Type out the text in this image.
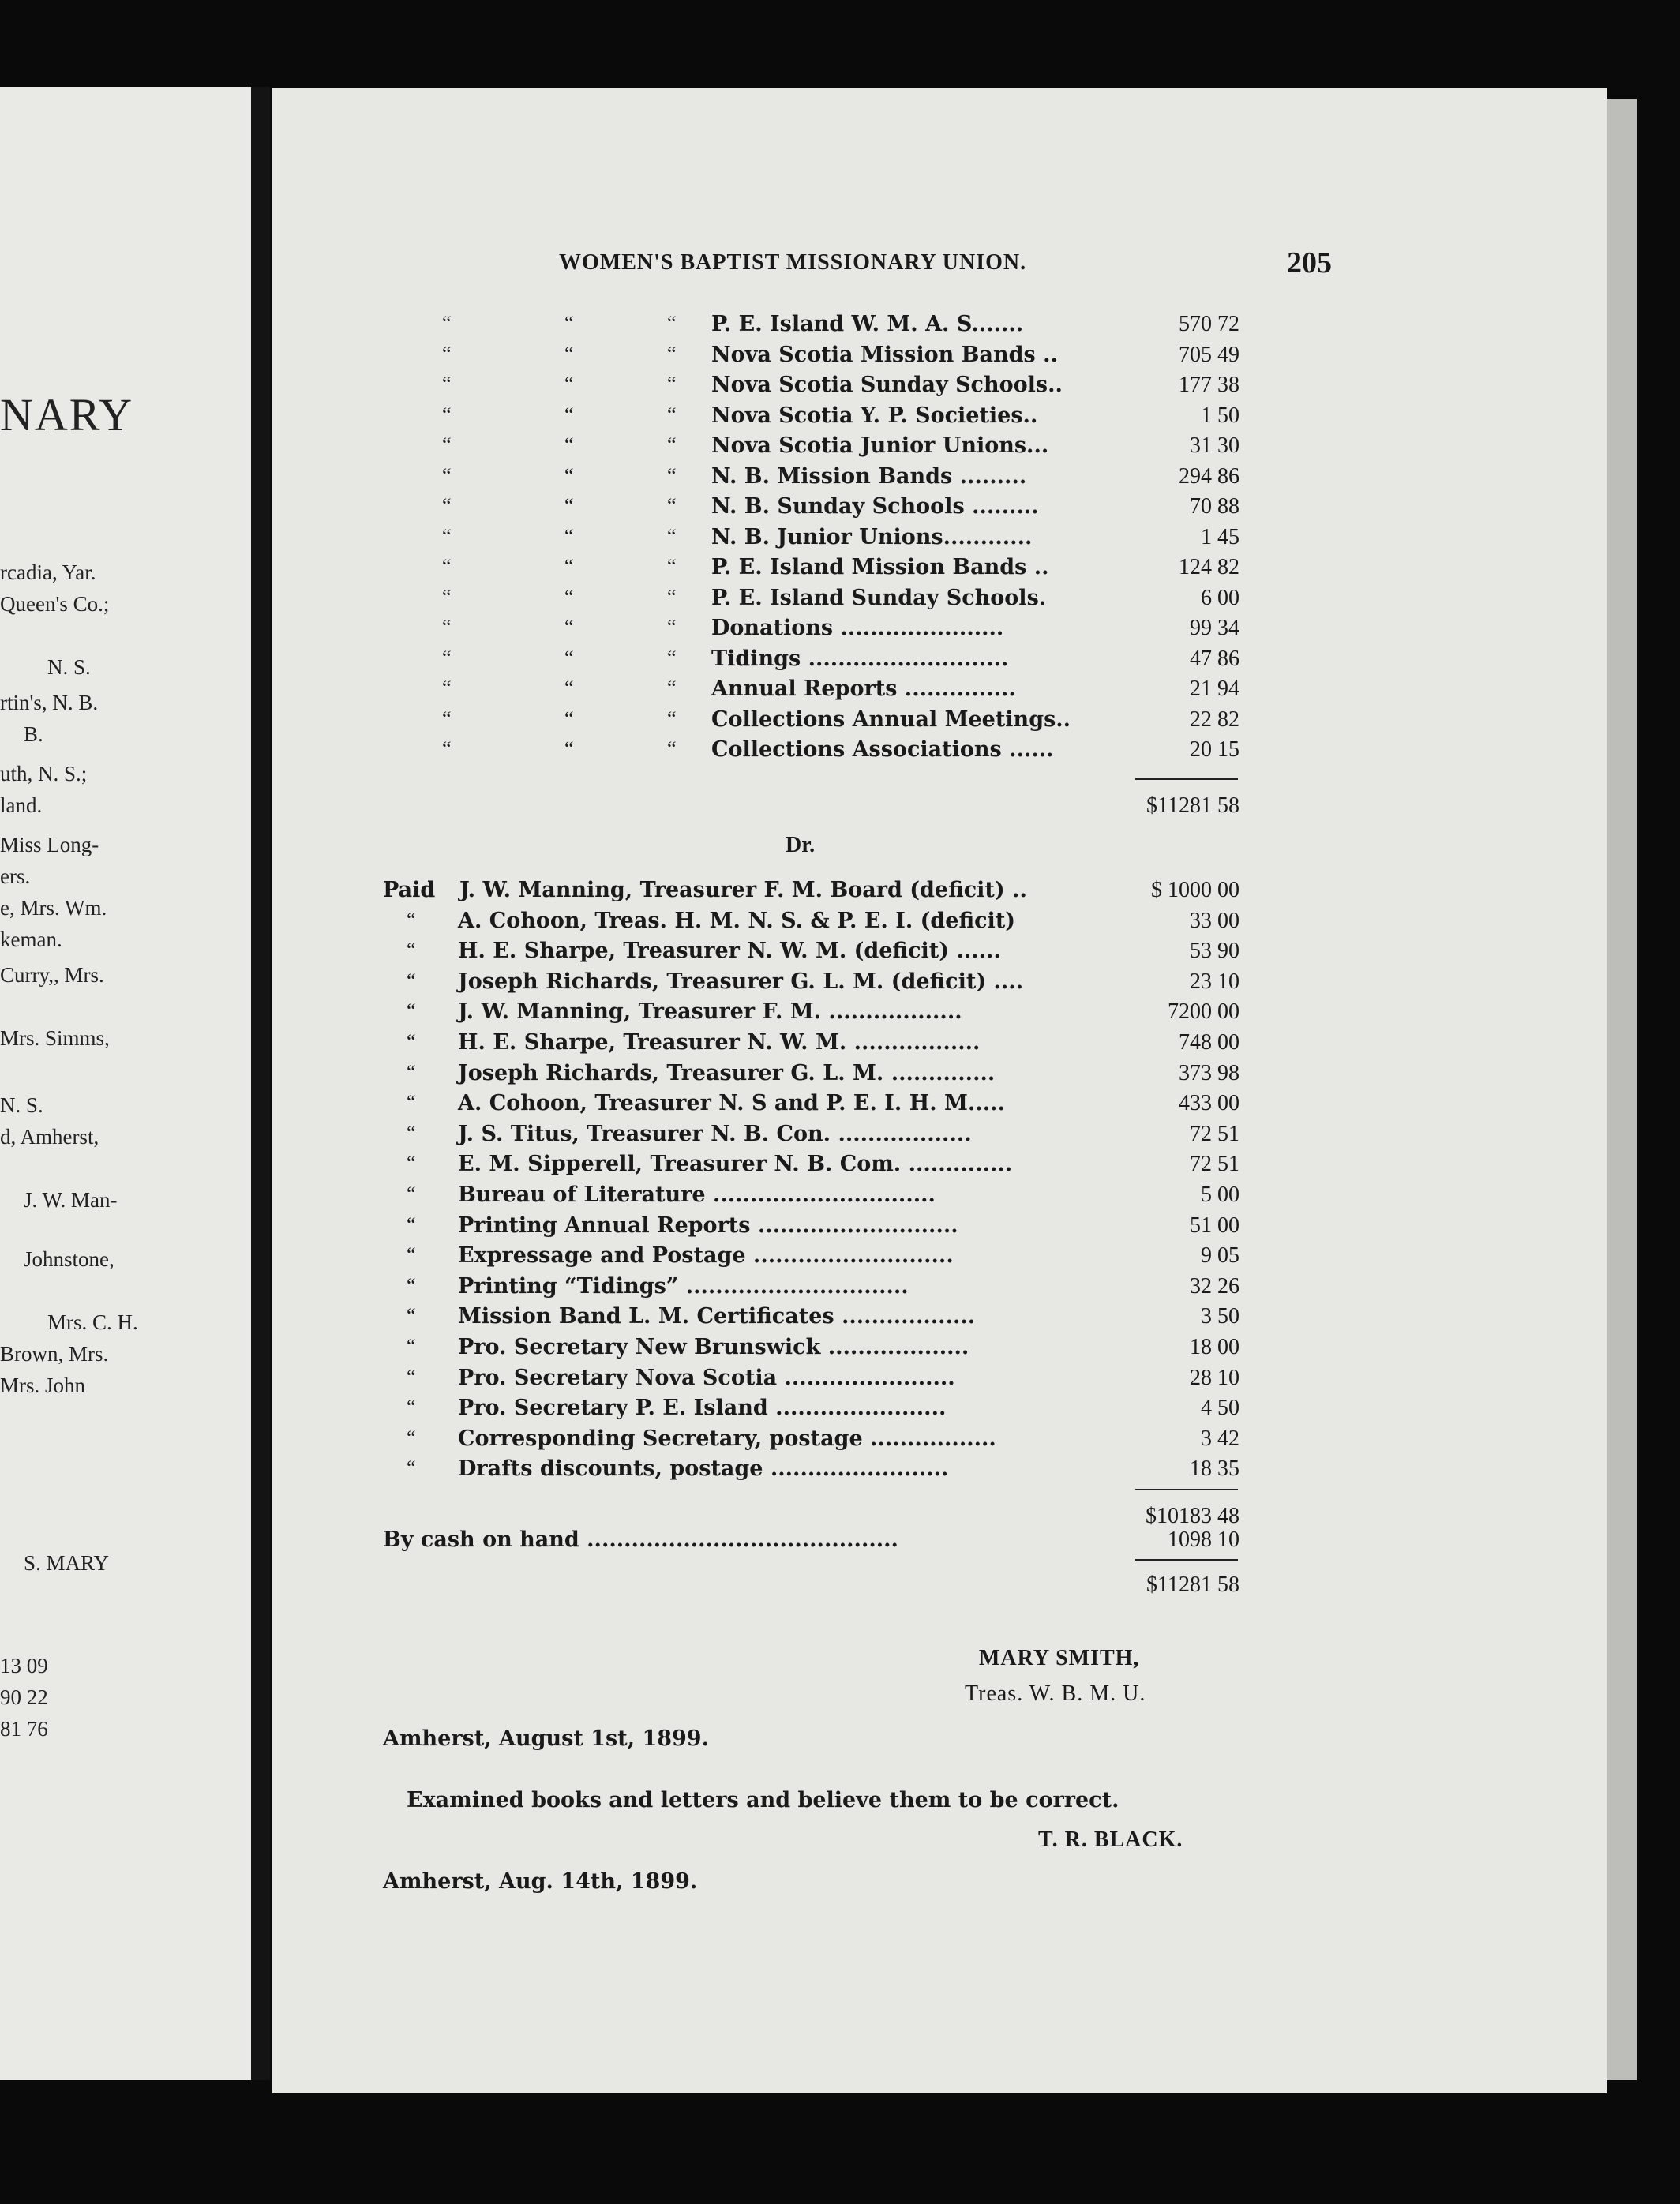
NARY
rcadia, Yar.
Queen's Co.;
N. S.
rtin's, N. B.
B.
uth, N. S.;
land.
Miss Long-
ers.
e, Mrs. Wm.
keman.
Curry,, Mrs.
Mrs. Simms,
N. S.
d, Amherst,
J. W. Man-
Johnstone,
Mrs. C. H.
Brown, Mrs.
Mrs. John
S. MARY
13 09
90 22
81 76
WOMEN'S BAPTIST MISSIONARY UNION.	205
“	“	“ P. E. Island W. M. A. S.......	570 72
“	“	“ Nova Scotia Mission Bands ..	705 49
“	“	“ Nova Scotia Sunday Schools..	177 38
“	“	“ Nova Scotia Y. P. Societies..	1 50
“	“	“ Nova Scotia Junior Unions...	31 30
“	“	“ N. B. Mission Bands .........	294 86
“	“	“ N. B. Sunday Schools .........	70 88
“	“	“ N. B. Junior Unions............	1 45
“	“	“ P. E. Island Mission Bands ..	124 82
“	“	“ P. E. Island Sunday Schools.	6 00
“	“	“ Donations ......................	99 34
“	“	“ Tidings ...........................	47 86
“	“	“ Annual Reports ...............	21 94
“	“	“ Collections Annual Meetings..	22 82
“	“	“ Collections Associations ......	20 15
$11281 58
Dr.
Paid J. W. Manning, Treasurer F. M. Board (deficit) ..	$ 1000 00
“ A. Cohoon, Treas. H. M. N. S. & P. E. I. (deficit)	33 00
“ H. E. Sharpe, Treasurer N. W. M. (deficit) ......	53 90
“ Joseph Richards, Treasurer G. L. M. (deficit) ....	23 10
“ J. W. Manning, Treasurer F. M. ..................	7200 00
“ H. E. Sharpe, Treasurer N. W. M. .................	748 00
“ Joseph Richards, Treasurer G. L. M. ..............	373 98
“ A. Cohoon, Treasurer N. S and P. E. I. H. M.....	433 00
“ J. S. Titus, Treasurer N. B. Con. ..................	72 51
“ E. M. Sipperell, Treasurer N. B. Com. ..............	72 51
“ Bureau of Literature ..............................	5 00
“ Printing Annual Reports ...........................	51 00
“ Expressage and Postage ...........................	9 05
“ Printing “Tidings” ..............................	32 26
“ Mission Band L. M. Certificates ..................	3 50
“ Pro. Secretary New Brunswick ...................	18 00
“ Pro. Secretary Nova Scotia .......................	28 10
“ Pro. Secretary P. E. Island .......................	4 50
“ Corresponding Secretary, postage .................	3 42
“ Drafts discounts, postage ........................	18 35
$10183 48
By cash on hand ..........................................	1098 10
$11281 58
MARY SMITH,
Treas. W. B. M. U.
Amherst, August 1st, 1899.
Examined books and letters and believe them to be correct.
T. R. BLACK.
Amherst, Aug. 14th, 1899.
